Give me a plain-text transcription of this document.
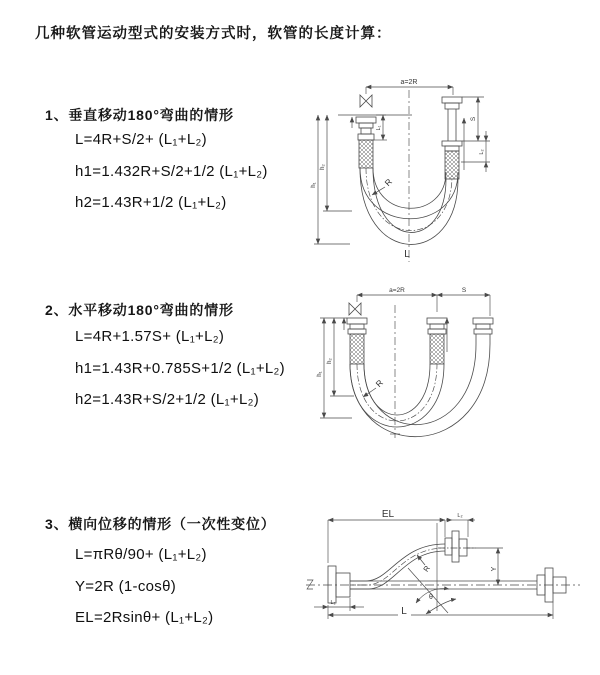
几种软管运动型式的安装方式时，软管的长度计算：
1、垂直移动180°弯曲的情形
L=4R+S/2+ (L₁+L₂)
h1=1.432R+S/2+1/2 (L₁+L₂)
h2=1.43R+1/2 (L₁+L₂)
2、水平移动180°弯曲的情形
L=4R+1.57S+ (L₁+L₂)
h1=1.43R+0.785S+1/2 (L₁+L₂)
h2=1.43R+S/2+1/2 (L₁+L₂)
3、横向位移的情形（一次性变位）
L=πRθ/90+ (L₁+L₂)
Y=2R (1-cosθ)
EL=2Rsinθ+ (L₁+L₂)
a=2R
L₁
S
L₂
h₁
h₂
R
L
a=2R	S
h₁
h₂
R
EL	L₂
Y
R
θ
L
L₁
